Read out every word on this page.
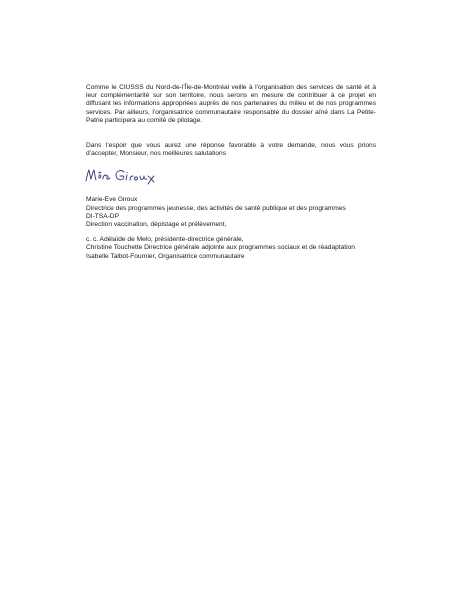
Comme le CIUSSS du Nord-de-l’Île-de-Montréal veille à l’organisation des services de santé et à leur complémentarité sur son territoire, nous serons en mesure de contribuer à ce projet en diffusant les informations appropriées auprès de nos partenaires du milieu et de nos programmes services. Par ailleurs, l’organisatrice communautaire responsable du dossier aîné dans La Petite-Patrie participera au comité de pilotage.

Dans l’espoir que vous aurez une réponse favorable à votre demande, nous vous prions d’accepter, Monsieur, nos meilleures salutations

Marie-Eve Giroux

Directrice des programmes jeunesse, des activités de santé publique et des programmes

DI-TSA-DP

Direction vaccination, dépistage et prélèvement,

c. c. Adélaïde de Melo, présidente-directrice générale,

Christine Touchette Directrice générale adjointe aux programmes sociaux et de réadaptation

Isabelle Talbot-Fournier, Organisatrice communautaire
